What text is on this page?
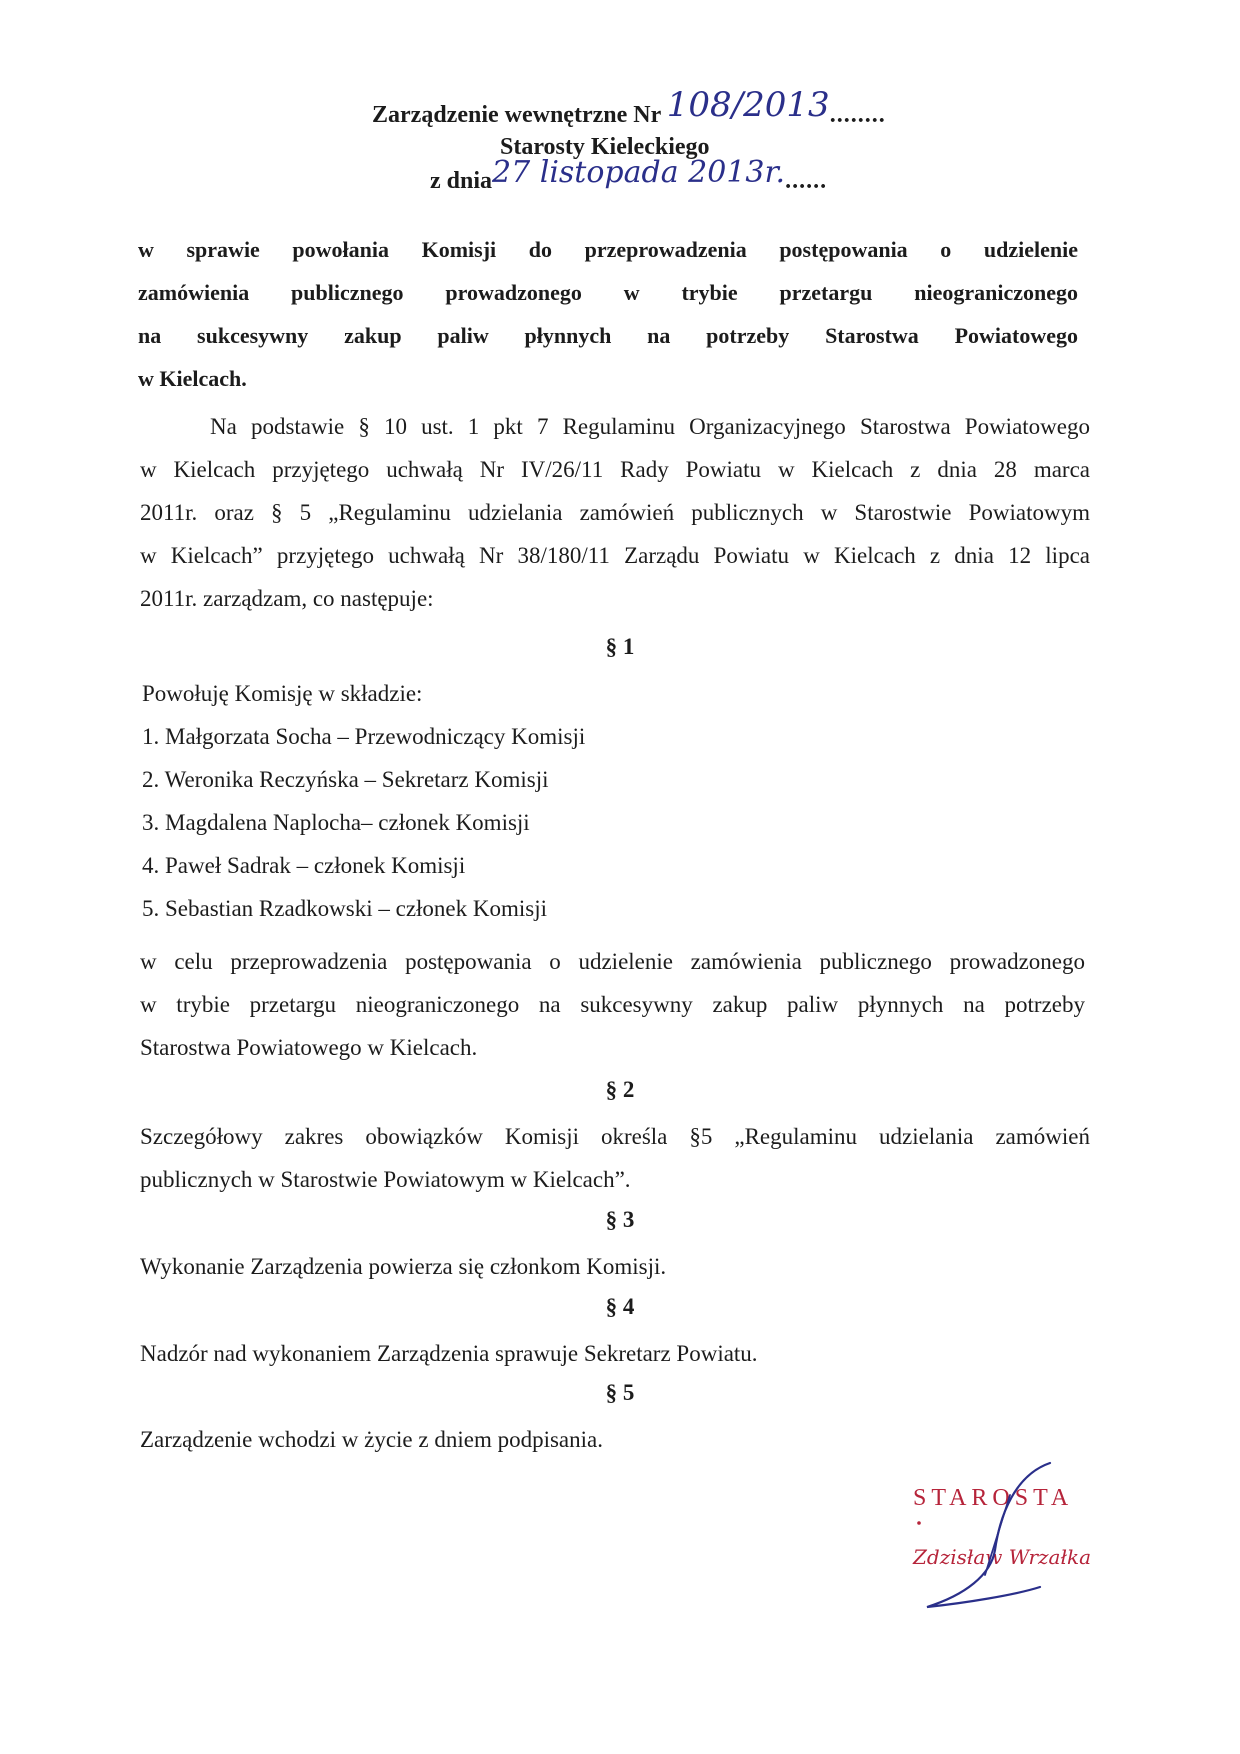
Zarządzenie wewnętrzne Nr 108/2013........
Starosty Kieleckiego
z dnia27 listopada 2013r.......

w sprawie powołania Komisji do przeprowadzenia postępowania o udzielenie

zamówienia publicznego prowadzonego w trybie przetargu nieograniczonego

na sukcesywny zakup paliw płynnych na potrzeby Starostwa Powiatowego

w Kielcach.

Na podstawie § 10 ust. 1 pkt 7 Regulaminu Organizacyjnego Starostwa Powiatowego
w Kielcach przyjętego uchwałą Nr IV/26/11 Rady Powiatu w Kielcach z dnia 28 marca
2011r. oraz § 5 „Regulaminu udzielania zamówień publicznych w Starostwie Powiatowym
w Kielcach” przyjętego uchwałą Nr 38/180/11 Zarządu Powiatu w Kielcach z dnia 12 lipca
2011r. zarządzam, co następuje:
§ 1
Powołuję Komisję w składzie:
1. Małgorzata Socha – Przewodniczący Komisji
2. Weronika Reczyńska – Sekretarz Komisji
3. Magdalena Naplocha– członek Komisji
4. Paweł Sadrak – członek Komisji
5. Sebastian Rzadkowski – członek Komisji
w celu przeprowadzenia postępowania o udzielenie zamówienia publicznego prowadzonego
w trybie przetargu nieograniczonego na sukcesywny zakup paliw płynnych na potrzeby
Starostwa Powiatowego w Kielcach.
§ 2
Szczegółowy zakres obowiązków Komisji określa §5 „Regulaminu udzielania zamówień
publicznych w Starostwie Powiatowym w Kielcach”.
§ 3
Wykonanie Zarządzenia powierza się członkom Komisji.
§ 4
Nadzór nad wykonaniem Zarządzenia sprawuje Sekretarz Powiatu.
§ 5
Zarządzenie wchodzi w życie z dniem podpisania.
STAROSTA
Zdzisław Wrzałka
